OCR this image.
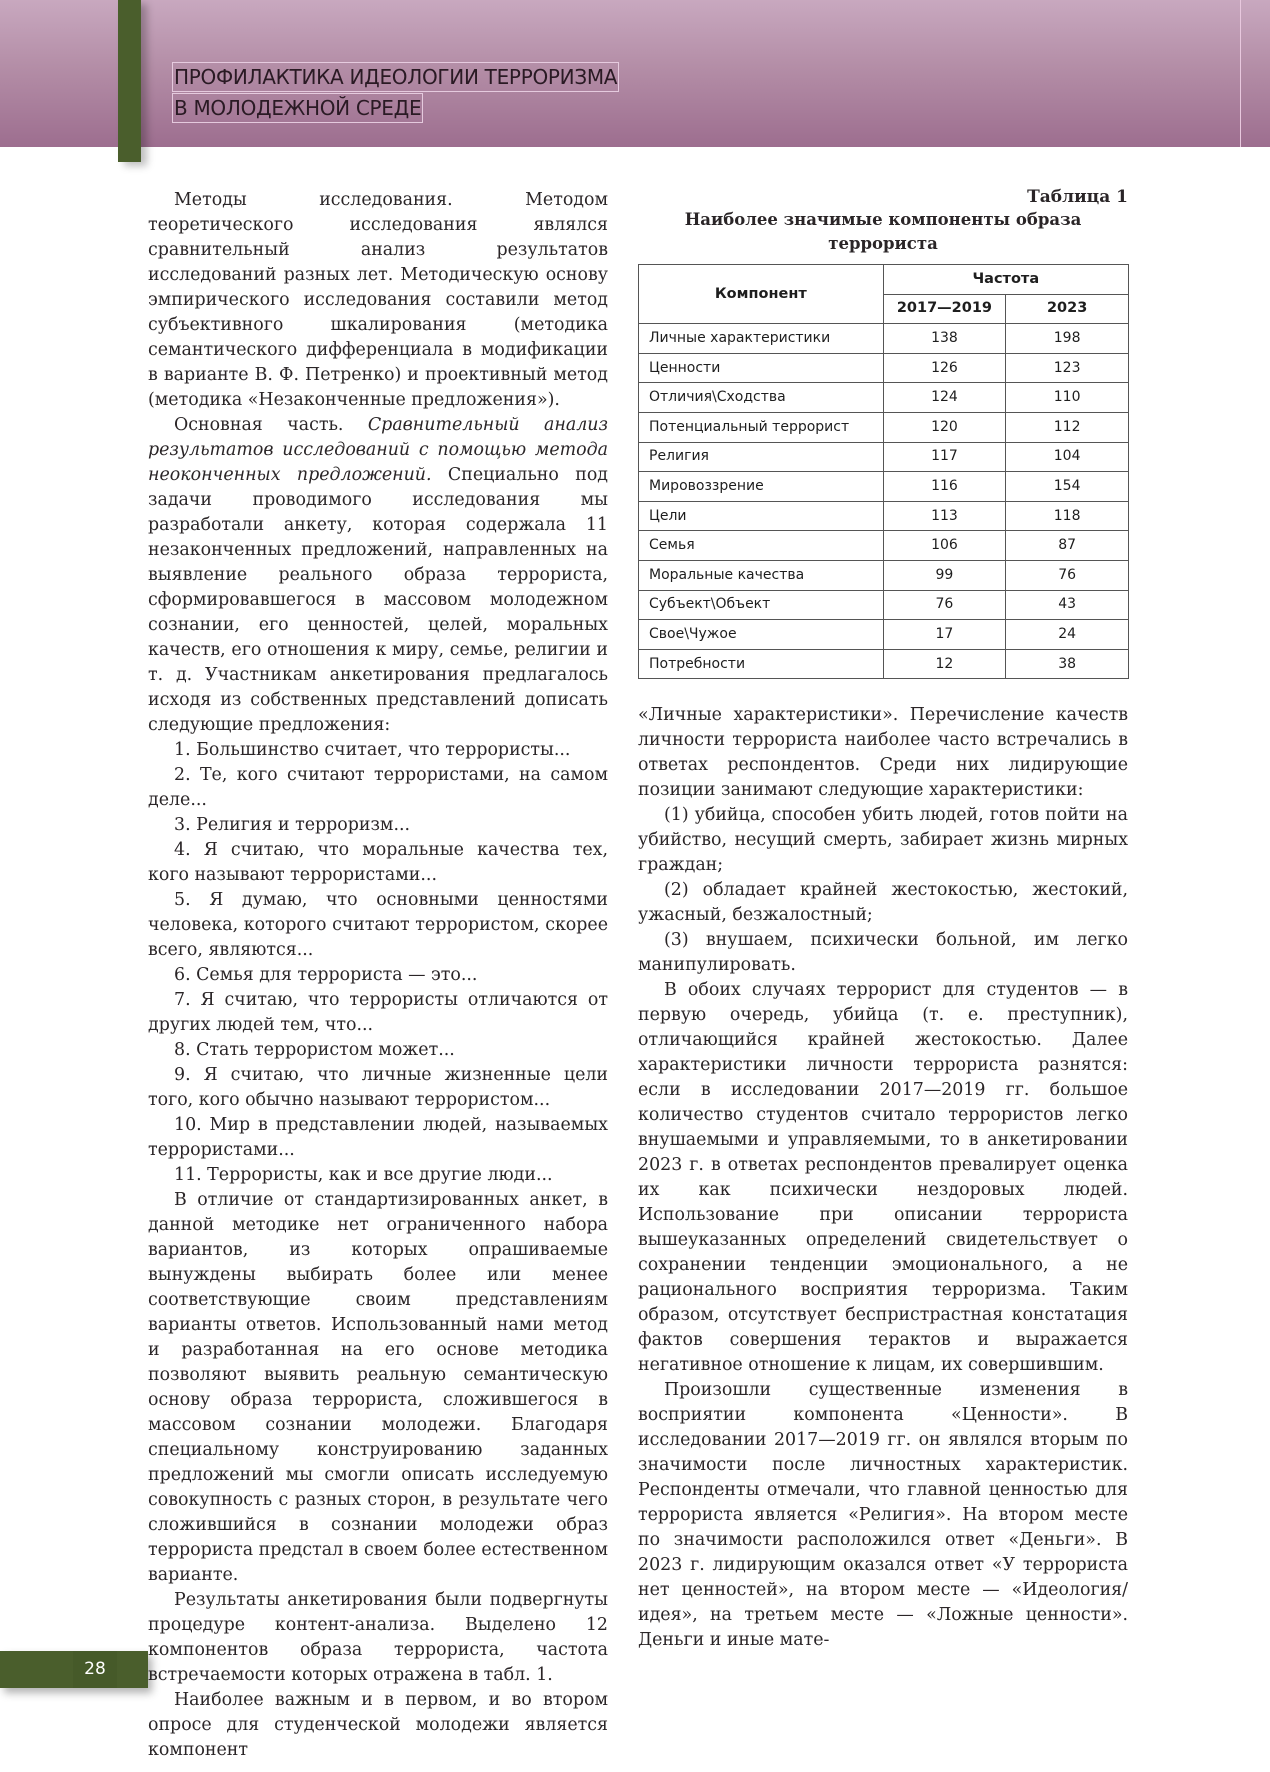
ПРОФИЛАКТИКА ИДЕОЛОГИИ ТЕРРОРИЗМА
В МОЛОДЕЖНОЙ СРЕДЕ

Методы исследования. Методом теоретического исследования являлся сравнительный анализ результатов исследований разных лет. Методическую основу эмпирического исследования составили метод субъективного шкалирования (методика семантического дифференциала в модификации в варианте В. Ф. Петренко) и проективный метод (методика «Незаконченные предложения»).

Основная часть. Сравнительный анализ результатов исследований с помощью метода неоконченных предложений. Специально под задачи проводимого исследования мы разработали анкету, которая содержала 11 незаконченных предложений, направленных на выявление реального образа террориста, сформировавшегося в массовом молодежном сознании, его ценностей, целей, моральных качеств, его отношения к миру, семье, религии и т. д. Участникам анкетирования предлагалось исходя из собственных представлений дописать следующие предложения:

1. Большинство считает, что террористы...

2. Те, кого считают террористами, на самом деле...

3. Религия и терроризм...

4. Я считаю, что моральные качества тех, кого называют террористами...

5. Я думаю, что основными ценностями человека, которого считают террористом, скорее всего, являются...

6. Семья для террориста — это...

7. Я считаю, что террористы отличаются от других людей тем, что...

8. Стать террористом может...

9. Я считаю, что личные жизненные цели того, кого обычно называют террористом...

10. Мир в представлении людей, называемых террористами...

11. Террористы, как и все другие люди...

В отличие от стандартизированных анкет, в данной методике нет ограниченного набора вариантов, из которых опрашиваемые вынуждены выбирать более или менее соответствующие своим представлениям варианты ответов. Использованный нами метод и разработанная на его основе методика позволяют выявить реальную семантическую основу образа террориста, сложившегося в массовом сознании молодежи. Благодаря специальному конструированию заданных предложений мы смогли описать исследуемую совокупность с разных сторон, в результате чего сложившийся в сознании молодежи образ террориста предстал в своем более естественном варианте.

Результаты анкетирования были подвергнуты процедуре контент-анализа. Выделено 12 компонентов образа террориста, частота встречаемости которых отражена в табл. 1.

Наиболее важным и в первом, и во втором опросе для студенческой молодежи является компонент

Таблица 1
Наиболее значимые компоненты образа террориста
Компонент	Частота	
	2017—2019	2023
Личные характеристики	138	198
Ценности	126	123
Отличия\Сходства	124	110
Потенциальный террорист	120	112
Религия	117	104
Мировоззрение	116	154
Цели	113	118
Семья	106	87
Моральные качества	99	76
Субъект\Объект	76	43
Свое\Чужое	17	24
Потребности	12	38

«Личные характеристики». Перечисление качеств личности террориста наиболее часто встречались в ответах респондентов. Среди них лидирующие позиции занимают следующие характеристики:

(1) убийца, способен убить людей, готов пойти на убийство, несущий смерть, забирает жизнь мирных граждан;

(2) обладает крайней жестокостью, жестокий, ужасный, безжалостный;

(3) внушаем, психически больной, им легко манипулировать.

В обоих случаях террорист для студентов — в первую очередь, убийца (т. е. преступник), отличающийся крайней жестокостью. Далее характеристики личности террориста разнятся: если в исследовании 2017—2019 гг. большое количество студентов считало террористов легко внушаемыми и управляемыми, то в анкетировании 2023 г. в ответах респондентов превалирует оценка их как психически нездоровых людей. Использование при описании террориста вышеуказанных определений свидетельствует о сохранении тенденции эмоционального, а не рационального восприятия терроризма. Таким образом, отсутствует беспристрастная констатация фактов совершения терактов и выражается негативное отношение к лицам, их совершившим.

Произошли существенные изменения в восприятии компонента «Ценности». В исследовании 2017—2019 гг. он являлся вторым по значимости после личностных характеристик. Респонденты отмечали, что главной ценностью для террориста является «Религия». На втором месте по значимости расположился ответ «Деньги». В 2023 г. лидирующим оказался ответ «У террориста нет ценностей», на втором месте — «Идеология/идея», на третьем месте — «Ложные ценности». Деньги и иные мате-

28
